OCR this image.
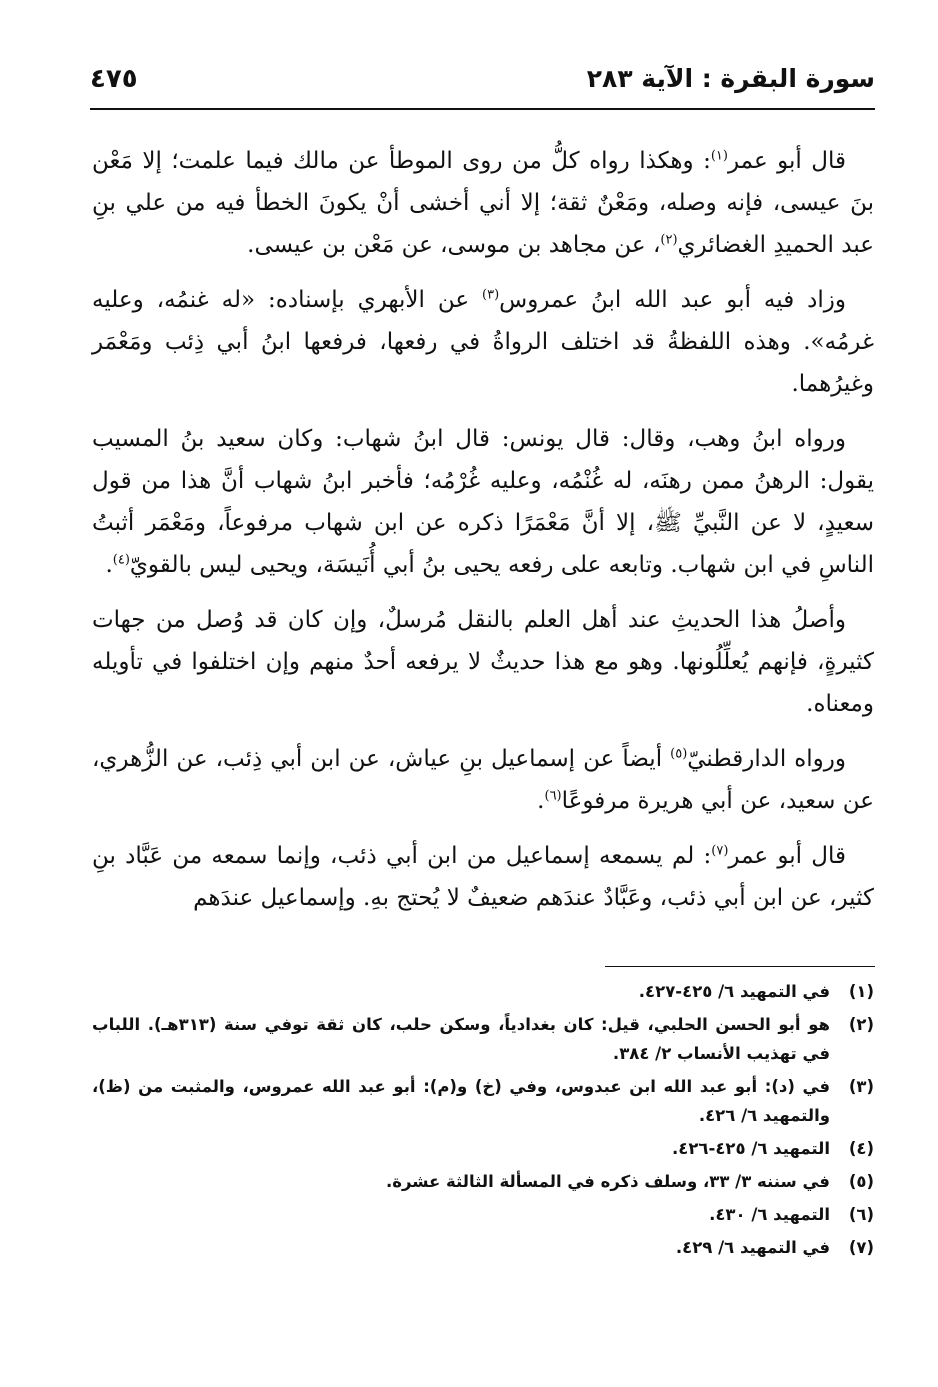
سورة البقرة : الآية ٢٨٣
٤٧٥

قال أبو عمر$^{(١)}$: وهكذا رواه كلُّ من روى الموطأ عن مالك فيما علمت؛ إلا مَعْن بنَ عيسى، فإنه وصله، ومَعْنٌ ثقة؛ إلا أني أخشى أنْ يكونَ الخطأ فيه من علي بنِ عبد الحميدِ الغضائري$^{(٢)}$، عن مجاهد بن موسى، عن مَعْن بن عيسى.

وزاد فيه أبو عبد الله ابنُ عمروس$^{(٣)}$ عن الأبهري بإسناده: «له غنمُه، وعليه غرمُه». وهذه اللفظةُ قد اختلف الرواةُ في رفعها، فرفعها ابنُ أبي ذِئب ومَعْمَر وغيرُهما.

ورواه ابنُ وهب، وقال: قال يونس: قال ابنُ شهاب: وكان سعيد بنُ المسيب يقول: الرهنُ ممن رهنَه، له غُنْمُه، وعليه غُرْمُه؛ فأخبر ابنُ شهاب أنَّ هذا من قول سعيدٍ، لا عن النَّبيِّ ﷺ، إلا أنَّ مَعْمَرًا ذكره عن ابن شهاب مرفوعاً، ومَعْمَر أثبتُ الناسِ في ابن شهاب. وتابعه على رفعه يحيى بنُ أبي أُنَيسَة، ويحيى ليس بالقويّ$^{(٤)}$.

وأصلُ هذا الحديثِ عند أهل العلم بالنقل مُرسلٌ، وإن كان قد وُصل من جهات كثيرةٍ، فإنهم يُعلِّلُونها. وهو مع هذا حديثٌ لا يرفعه أحدٌ منهم وإن اختلفوا في تأويله ومعناه.

ورواه الدارقطنيّ$^{(٥)}$ أيضاً عن إسماعيل بنِ عياش، عن ابن أبي ذِئب، عن الزُّهري، عن سعيد، عن أبي هريرة مرفوعًا$^{(٦)}$.

قال أبو عمر$^{(٧)}$: لم يسمعه إسماعيل من ابن أبي ذئب، وإنما سمعه من عَبَّاد بنِ كثير، عن ابن أبي ذئب، وعَبَّادٌ عندَهم ضعيفٌ لا يُحتج بهِ. وإسماعيل عندَهم

(١)
في التمهيد ٦/ ٤٢٥-٤٢٧.
(٢)
هو أبو الحسن الحلبي، قيل: كان بغدادياً، وسكن حلب، كان ثقة توفي سنة (٣١٣هـ). اللباب في تهذيب الأنساب ٢/ ٣٨٤.
(٣)
في (د): أبو عبد الله ابن عبدوس، وفي (خ) و(م): أبو عبد الله عمروس، والمثبت من (ظ)، والتمهيد ٦/ ٤٢٦.
(٤)
التمهيد ٦/ ٤٢٥-٤٢٦.
(٥)
في سننه ٣/ ٣٣، وسلف ذكره في المسألة الثالثة عشرة.
(٦)
التمهيد ٦/ ٤٣٠.
(٧)
في التمهيد ٦/ ٤٢٩.
